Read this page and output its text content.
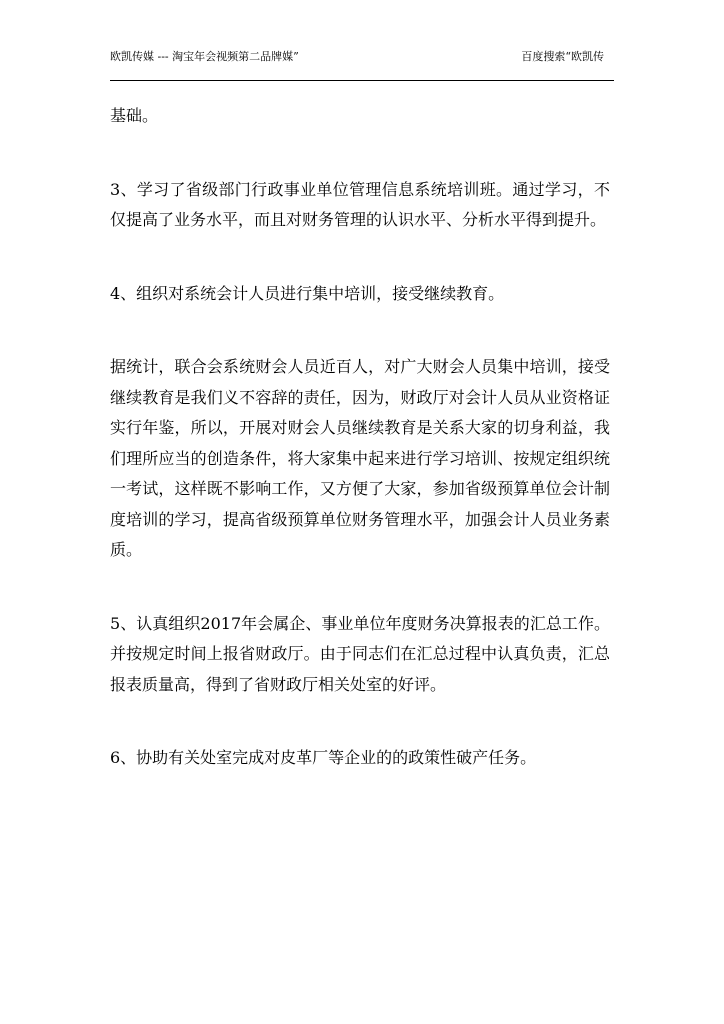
欧凯传媒 --- 淘宝年会视频第二品牌媒”	百度搜索“欧凯传

基础。

3、学习了省级部门行政事业单位管理信息系统培训班。通过学习，不仅提高了业务水平，而且对财务管理的认识水平、分析水平得到提升。

4、组织对系统会计人员进行集中培训，接受继续教育。

据统计，联合会系统财会人员近百人，对广大财会人员集中培训，接受继续教育是我们义不容辞的责任，因为，财政厅对会计人员从业资格证实行年鉴，所以，开展对财会人员继续教育是关系大家的切身利益，我们理所应当的创造条件，将大家集中起来进行学习培训、按规定组织统一考试，这样既不影响工作，又方便了大家，参加省级预算单位会计制度培训的学习，提高省级预算单位财务管理水平，加强会计人员业务素质。

5、认真组织2017年会属企、事业单位年度财务决算报表的汇总工作。并按规定时间上报省财政厅。由于同志们在汇总过程中认真负责，汇总报表质量高，得到了省财政厅相关处室的好评。

6、协助有关处室完成对皮革厂等企业的的政策性破产任务。
